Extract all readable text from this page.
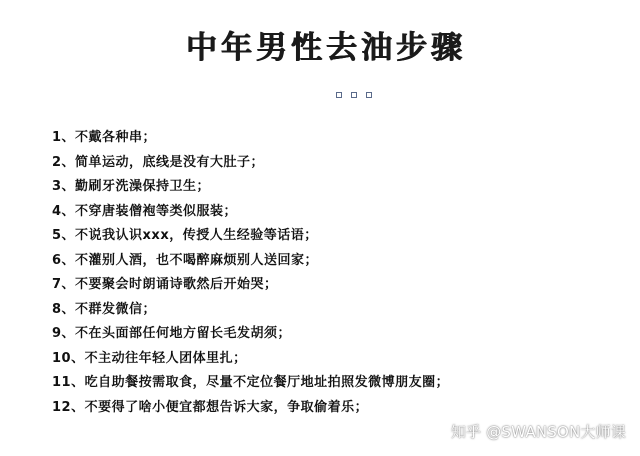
中年男性去油步骤
1、不戴各种串；
2、简单运动，底线是没有大肚子；
3、勤刷牙洗澡保持卫生；
4、不穿唐装僧袍等类似服装；
5、不说我认识xxx，传授人生经验等话语；
6、不灌别人酒，也不喝醉麻烦别人送回家；
7、不要聚会时朗诵诗歌然后开始哭；
8、不群发微信；
9、不在头面部任何地方留长毛发胡须；
10、不主动往年轻人团体里扎；
11、吃自助餐按需取食，尽量不定位餐厅地址拍照发微博朋友圈；
12、不要得了啥小便宜都想告诉大家，争取偷着乐；
知乎 @SWANSON大师课
